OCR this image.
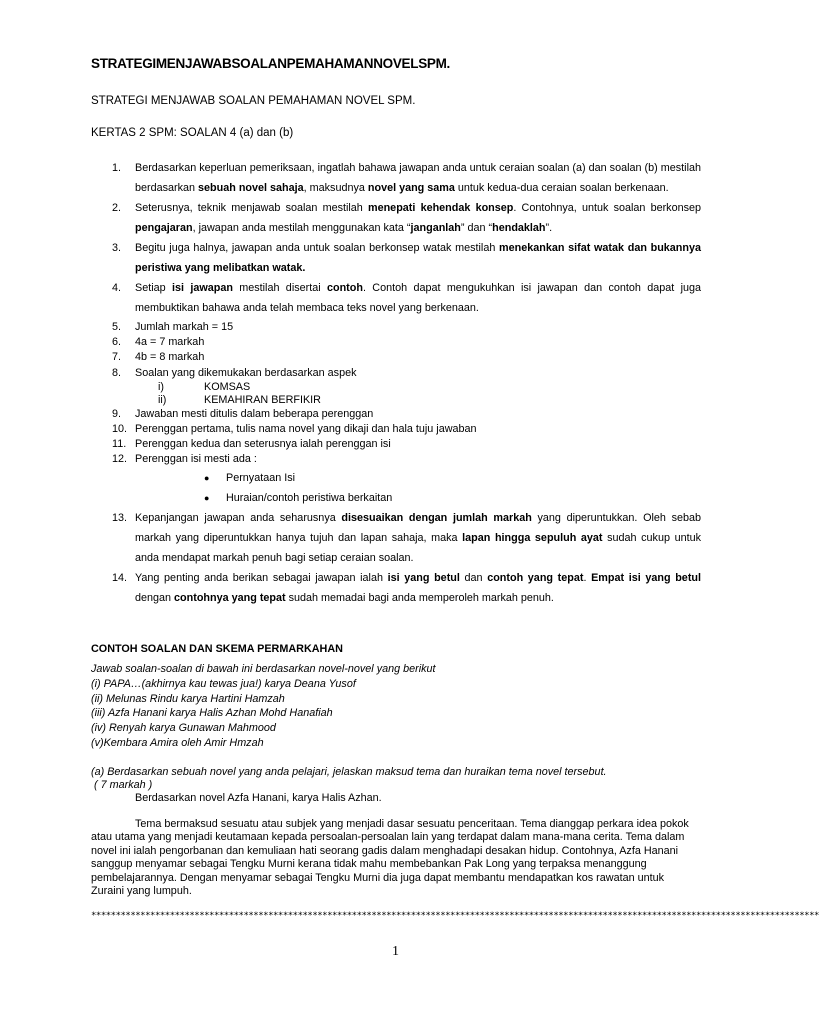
STRATEGIMENJAWABSOALANPEMAHAMANNOVELSPM.
STRATEGI MENJAWAB SOALAN PEMAHAMAN NOVEL SPM.
KERTAS 2 SPM: SOALAN 4 (a) dan (b)
1. Berdasarkan keperluan pemeriksaan, ingatlah bahawa jawapan anda untuk ceraian soalan (a) dan soalan (b) mestilah berdasarkan sebuah novel sahaja, maksudnya novel yang sama untuk kedua-dua ceraian soalan berkenaan.
2. Seterusnya, teknik menjawab soalan mestilah menepati kehendak konsep. Contohnya, untuk soalan berkonsep pengajaran, jawapan anda mestilah menggunakan kata “janganlah” dan “hendaklah”.
3. Begitu juga halnya, jawapan anda untuk soalan berkonsep watak mestilah menekankan sifat watak dan bukannya peristiwa yang melibatkan watak.
4. Setiap isi jawapan mestilah disertai contoh. Contoh dapat mengukuhkan isi jawapan dan contoh dapat juga membuktikan bahawa anda telah membaca teks novel yang berkenaan.
5. Jumlah markah = 15
6. 4a = 7 markah
7. 4b = 8 markah
8. Soalan yang dikemukakan berdasarkan aspek
i)	KOMSAS
ii)	KEMAHIRAN BERFIKIR
9. Jawaban mesti ditulis dalam beberapa perenggan
10. Perenggan pertama, tulis nama novel yang dikaji dan hala tuju jawaban
11. Perenggan kedua dan seterusnya ialah perenggan isi
12. Perenggan isi mesti ada :
● Pernyataan Isi
● Huraian/contoh peristiwa berkaitan
13. Kepanjangan jawapan anda seharusnya disesuaikan dengan jumlah markah yang diperuntukkan. Oleh sebab markah yang diperuntukkan hanya tujuh dan lapan sahaja, maka lapan hingga sepuluh ayat sudah cukup untuk anda mendapat markah penuh bagi setiap ceraian soalan.
14. Yang penting anda berikan sebagai jawapan ialah isi yang betul dan contoh yang tepat. Empat isi yang betul dengan contohnya yang tepat sudah memadai bagi anda memperoleh markah penuh.
CONTOH SOALAN DAN SKEMA PERMARKAHAN
Jawab soalan-soalan di bawah ini berdasarkan novel-novel yang berikut
(i) PAPA…(akhirnya kau tewas jua!) karya Deana Yusof
(ii) Melunas Rindu karya Hartini Hamzah
(iii) Azfa Hanani karya Halis Azhan Mohd Hanafiah
(iv) Renyah karya Gunawan Mahmood
(v)Kembara Amira oleh Amir Hmzah
(a) Berdasarkan sebuah novel yang anda pelajari, jelaskan maksud tema dan huraikan tema novel tersebut.
( 7 markah )
Berdasarkan novel Azfa Hanani, karya Halis Azhan.
Tema bermaksud sesuatu atau subjek yang menjadi dasar sesuatu penceritaan. Tema dianggap perkara idea pokok atau utama yang menjadi keutamaan kepada persoalan-persoalan lain yang terdapat dalam mana-mana cerita. Tema dalam novel ini ialah pengorbanan dan kemuliaan hati seorang gadis dalam menghadapi desakan hidup. Contohnya, Azfa Hanani sanggup menyamar sebagai Tengku Murni kerana tidak mahu membebankan Pak Long yang terpaksa menanggung pembelajarannya. Dengan menyamar sebagai Tengku Murni dia juga dapat membantu mendapatkan kos rawatan untuk Zuraini yang lumpuh.
****************************************************************************************************************************************************
1
